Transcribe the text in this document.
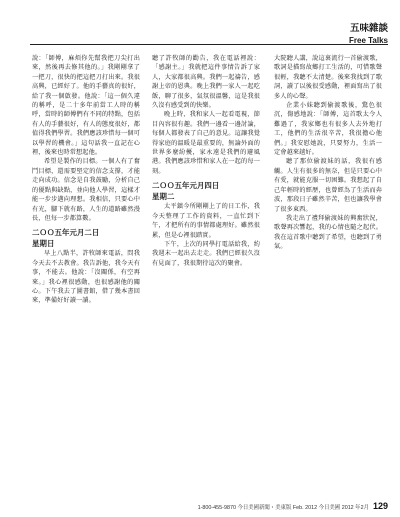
五味雜談
Free Talks

說：「師傅，麻煩你先幫我把刀尖打出來，然後再去修其他的。」我剛剛拿了一把刀，很快的把這把刀打出來。我很高興，已經好了。他的手藝真的很好，給了我一個啟發。他說：「這一個久違的稱呼，是二十多年前當工人時的稱呼，當時的師傅們有不同的特點，包括有人的手藝很好，有人的態度很好，都值得我們學習。我們應該珍惜每一個可以學習的機會。」這句話我一直記在心裡，後來也時常想起他。

希望是製作的目標。一個人有了奮鬥目標，還需要堅定的信念支撐，才能走向成功。信念是自我鼓勵，分析自己的優點與缺點，並向他人學習，這樣才能一步步邁向理想。我相信，只要心中有光，腳下就有路，人生的道路雖然漫長，但每一步都算數。

二ＯＯ五年元月二日
星期日

早上八點半，許牧師來電話，問我今天去不去教會。我告訴他，我今天有事，不能去。他說：「沒關係，有空再來。」我心裡很感動，也很感謝他的關心。下午我去了圖書館，借了幾本書回來，準備好好讀一讀。

聽了許牧師的勸告，我在電話裡說：「感謝主。」我就把這件事情告訴了家人，大家都很高興。我們一起禱告，感謝上帝的恩典。晚上我們一家人一起吃飯，聊了很多，氣氛很溫馨，這是我很久沒有感受到的快樂。

晚上時，我和家人一起看電視，節目內容很有趣。我們一邊看一邊討論，每個人都發表了自己的意見。這讓我覺得家庭的溫暖是最重要的，無論外面的世界多麼紛擾，家永遠是我們的避風港。我們應該珍惜和家人在一起的每一刻。

二ＯＯ五年元月四日
星期二

太平鎮今所剛剛上了的日工作，我今天整理了工作的資料，一直忙到下午，才把所有的事情都處理好。雖然很累，但是心裡很踏實。

下午，上次的同學打電話給我，約我週末一起出去走走。我們已經很久沒有見面了，我很期待這次的聚會。

大院聽人講，說這裏流行一首偷渡歌，歌詞是描寫故鄉打工生活的，可惜歌聲很輕，我聽不太清楚。後來我找到了歌詞，讀了以後很受感動，裡面寫出了很多人的心聲。

企業小妹聽到偷渡歌後，驚色很沉，傷感地說：「師傅，這首歌太令人難過了，我家鄉也有很多人去外地打工，他們的生活很辛苦，我很擔心他們。」我安慰她說，只要努力，生活一定會越來越好。

聽了那位偷渡妹的話，我很有感觸。人生有很多的無奈，但是只要心中有愛，就能克服一切困難。我想起了自己年輕時的經歷，也曾經為了生活而奔波，那段日子雖然辛苦，但也讓我學會了很多東西。

我走出了禮拜偷渡妹的興奮狀況，歌聲再次響起，我的心情也隨之起伏。我在這首歌中聽到了希望，也聽到了勇氣。

1-800-455-9870 今日美國新聞・美東版 Feb. 2012 今日美國 2012 年2月 129
